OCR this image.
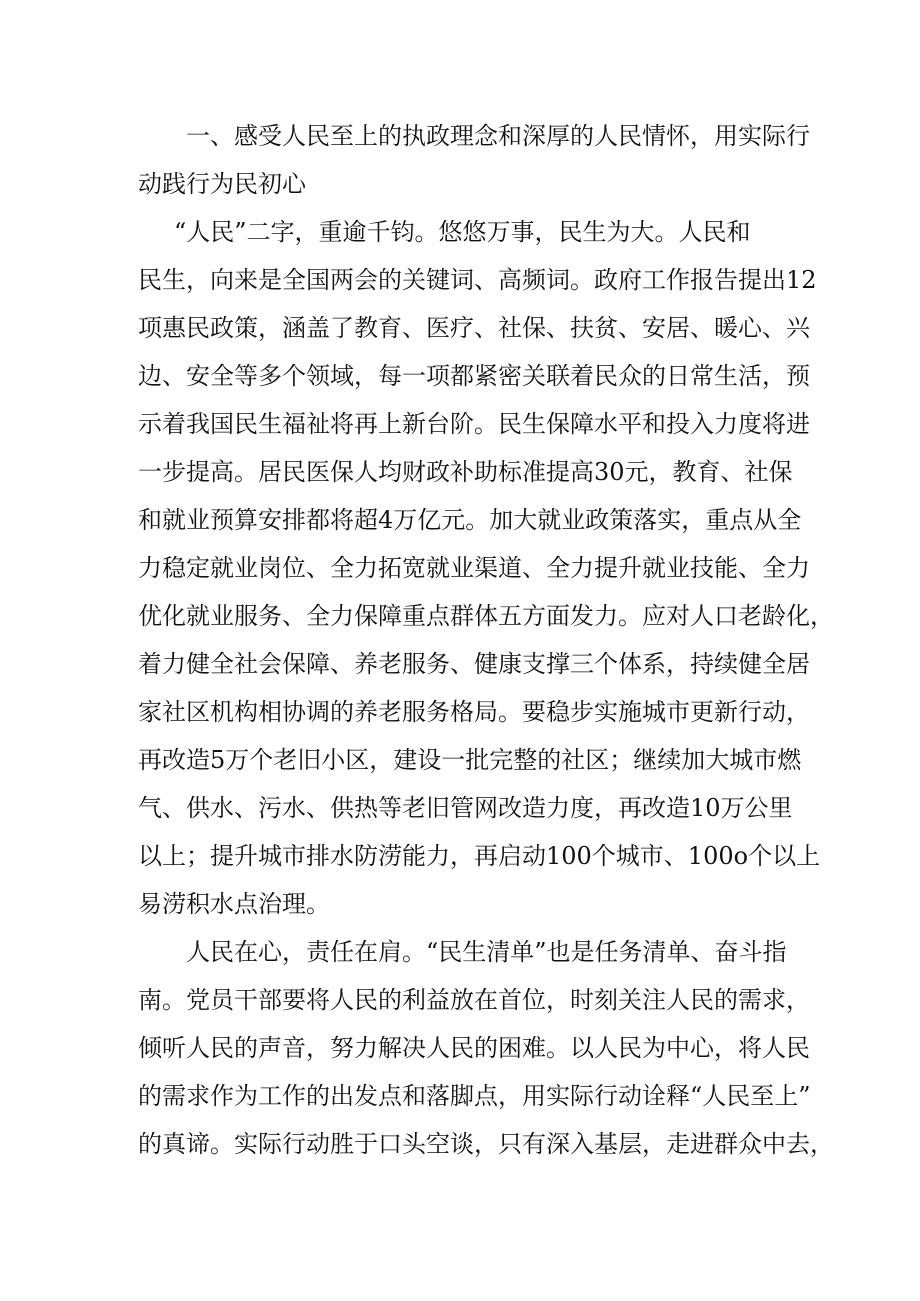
一、感受人民至上的执政理念和深厚的人民情怀，用实际行
动践行为民初心
“人民”二字，重逾千钧。悠悠万事，民生为大。人民和
民生，向来是全国两会的关键词、高频词。政府工作报告提出12
项惠民政策，涵盖了教育、医疗、社保、扶贫、安居、暖心、兴
边、安全等多个领域，每一项都紧密关联着民众的日常生活，预
示着我国民生福祉将再上新台阶。民生保障水平和投入力度将进
一步提高。居民医保人均财政补助标准提高30元，教育、社保
和就业预算安排都将超4万亿元。加大就业政策落实，重点从全
力稳定就业岗位、全力拓宽就业渠道、全力提升就业技能、全力
优化就业服务、全力保障重点群体五方面发力。应对人口老龄化，
着力健全社会保障、养老服务、健康支撑三个体系，持续健全居
家社区机构相协调的养老服务格局。要稳步实施城市更新行动，
再改造5万个老旧小区，建设一批完整的社区；继续加大城市燃
气、供水、污水、供热等老旧管网改造力度，再改造10万公里
以上；提升城市排水防涝能力，再启动100个城市、100o个以上
易涝积水点治理。
人民在心，责任在肩。“民生清单”也是任务清单、奋斗指
南。党员干部要将人民的利益放在首位，时刻关注人民的需求，
倾听人民的声音，努力解决人民的困难。以人民为中心，将人民
的需求作为工作的出发点和落脚点，用实际行动诠释“人民至上”
的真谛。实际行动胜于口头空谈，只有深入基层，走进群众中去，
